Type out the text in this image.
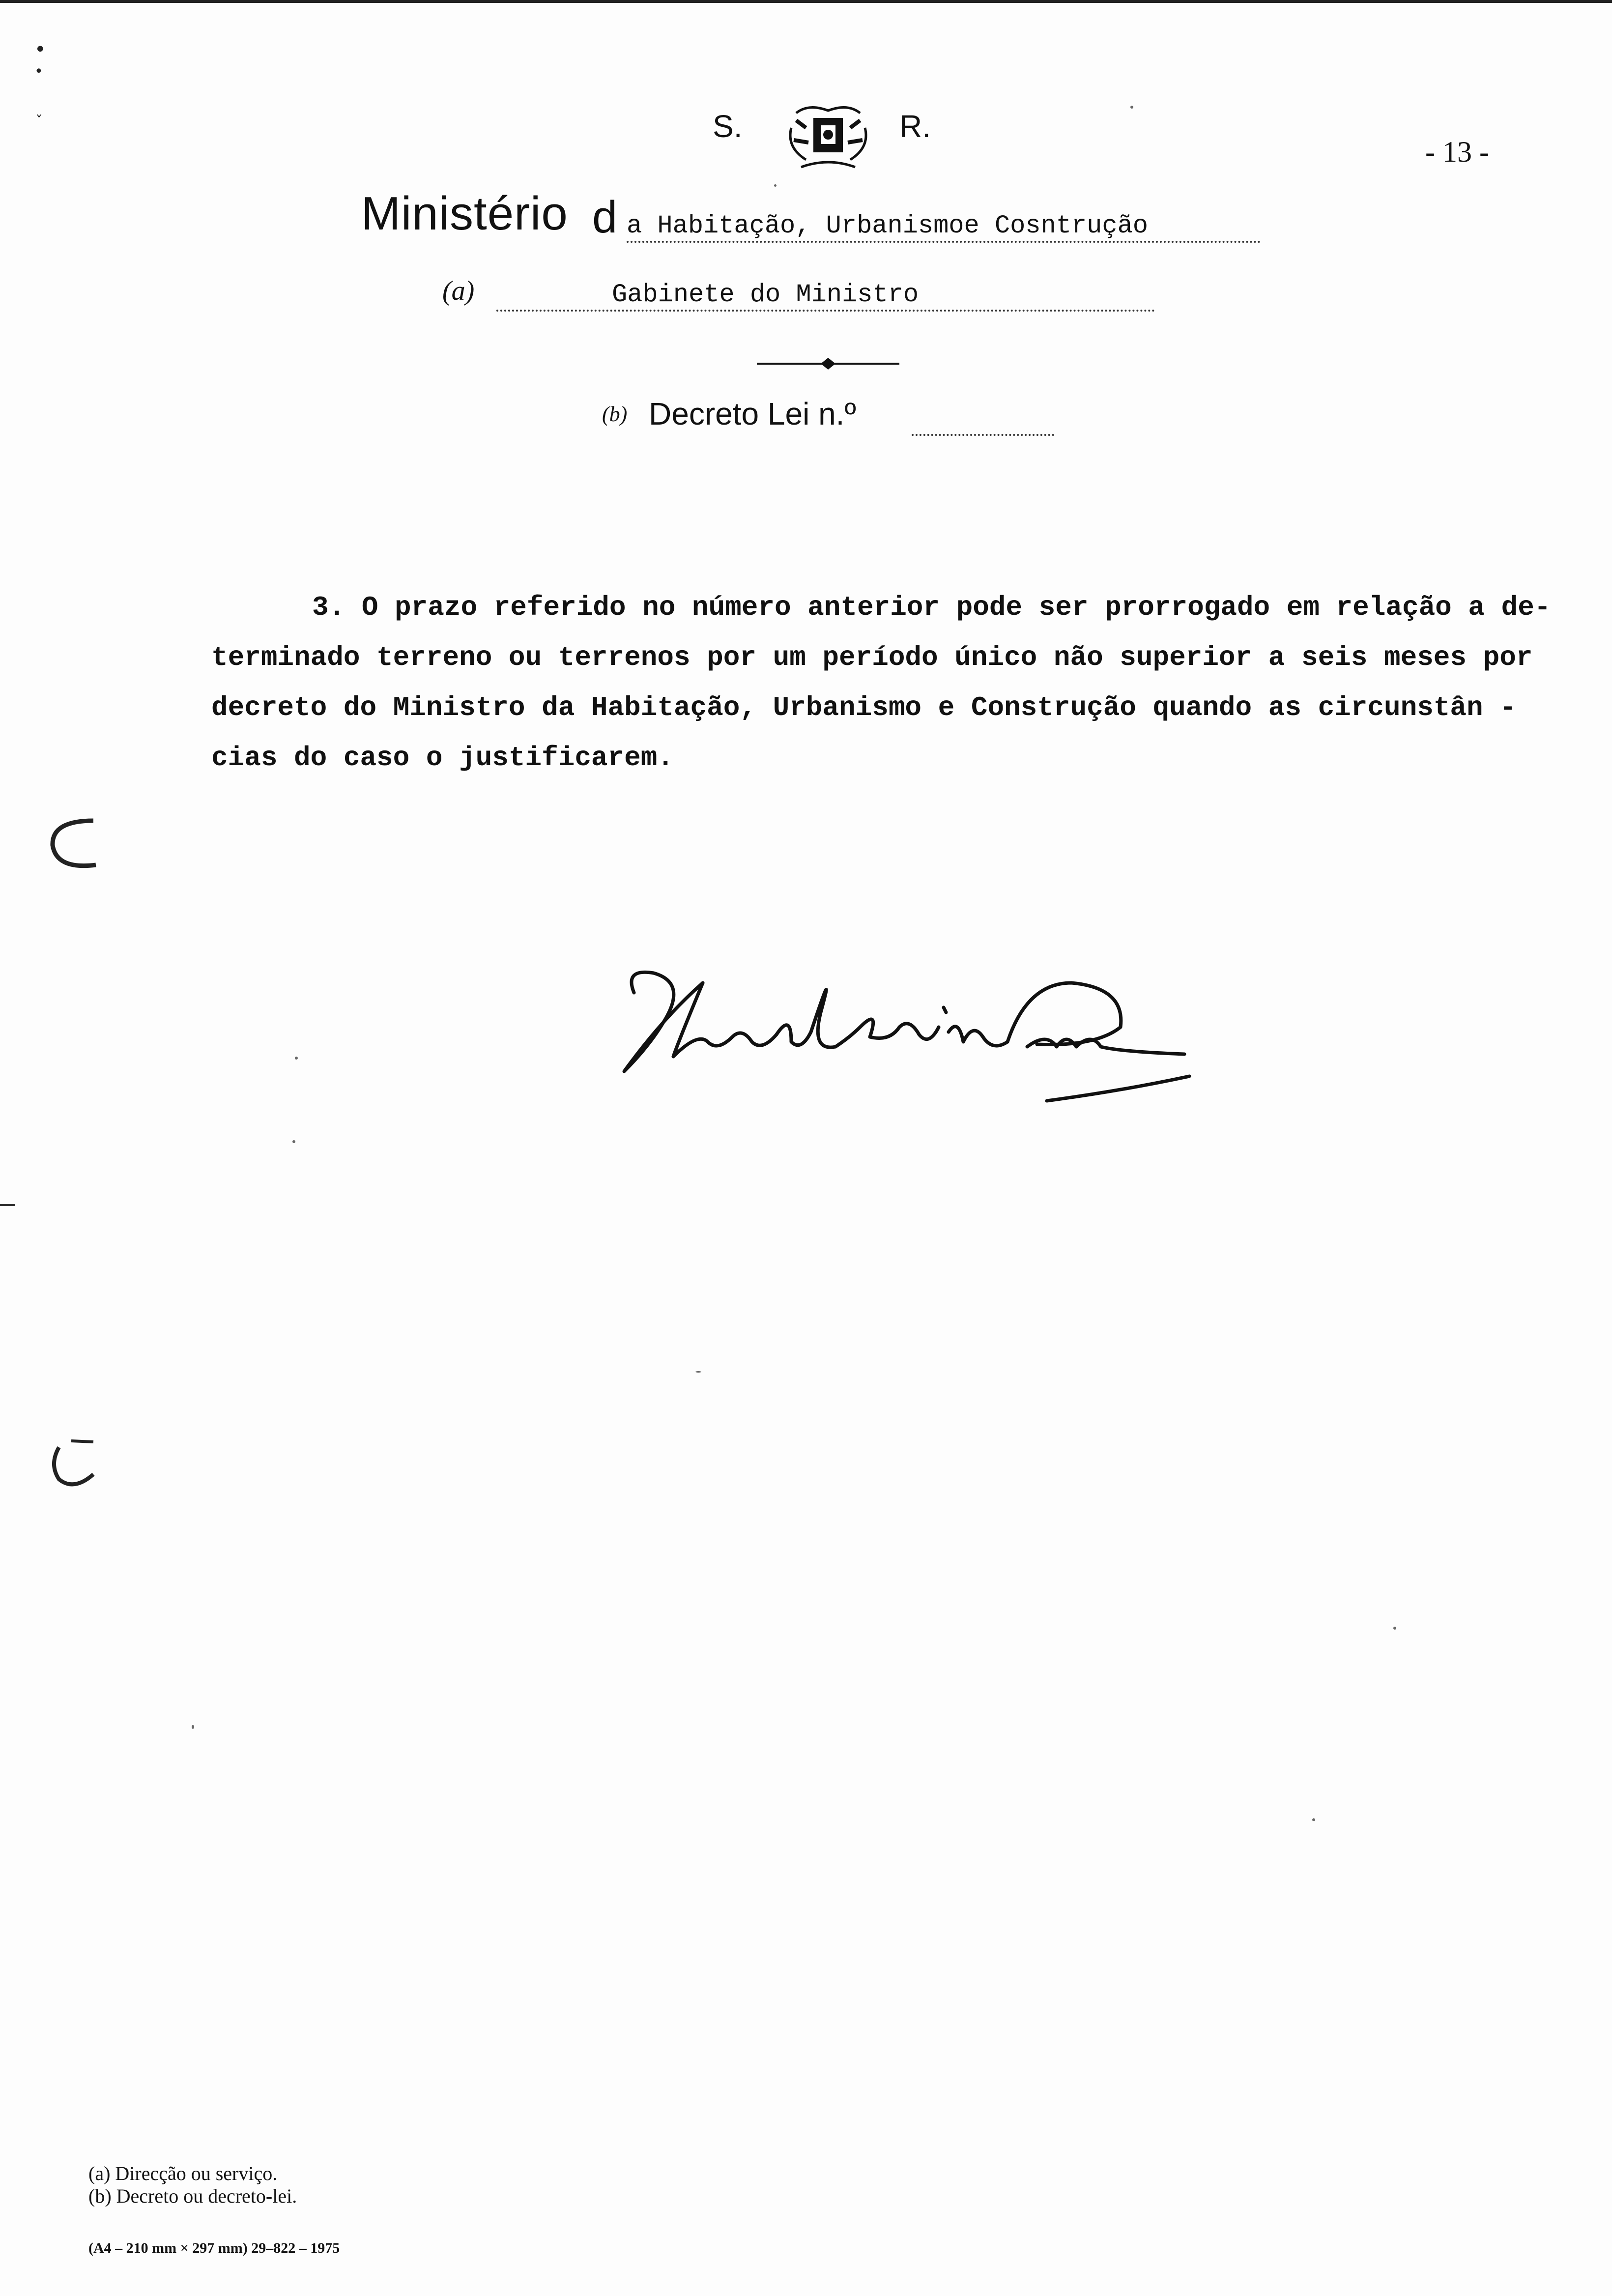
•
•
ˇ	S.	R.
- 13 -
Ministério d a Habitação, Urbanismoe Cosntrução
(a)	Gabinete do Ministro
(b) Decreto Lei n.º
3. O prazo referido no número anterior pode ser prorrogado em relação a de-
terminado terreno ou terrenos por um período único não superior a seis meses por
decreto do Ministro da Habitação, Urbanismo e Construção quando as circunstân -
cias do caso o justificarem.
(a) Direcção ou serviço.
(b) Decreto ou decreto-lei.
(A4 – 210 mm × 297 mm) 29–822 – 1975
